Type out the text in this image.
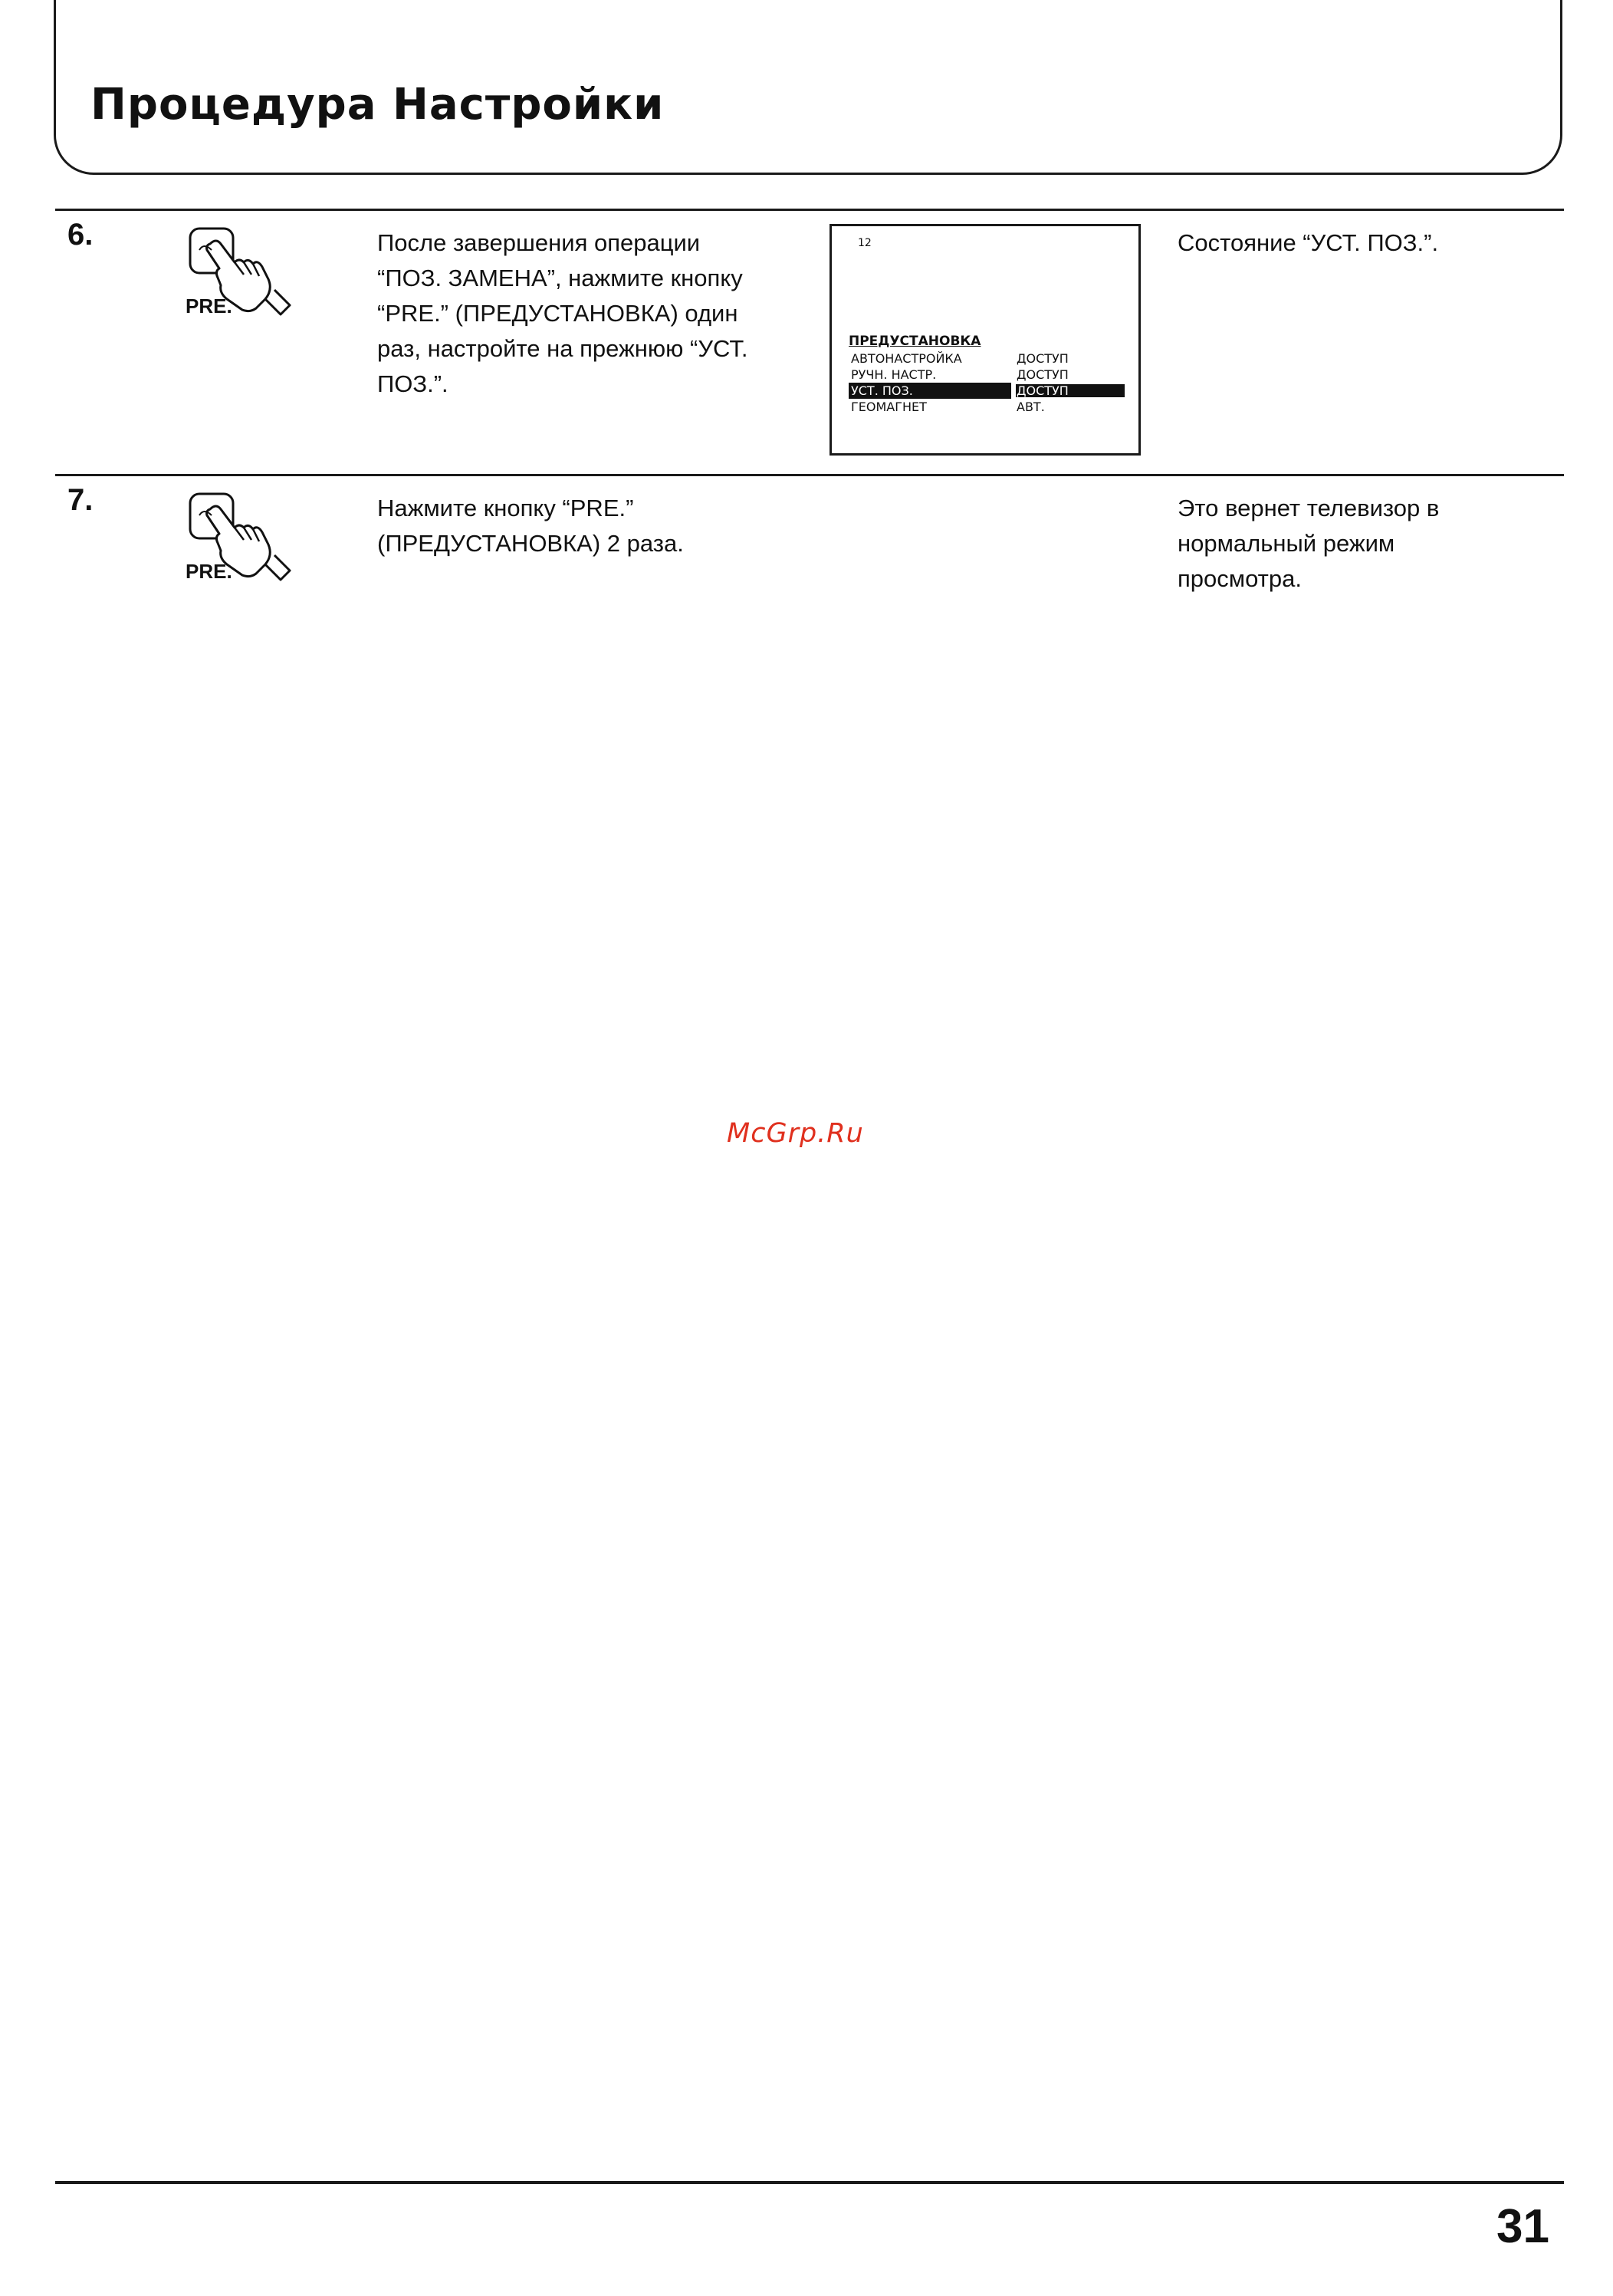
Процедура Настройки
6.
PRE.
После завершения операции
“ПОЗ. ЗАМЕНА”, нажмите кнопку
“PRE.” (ПРЕДУСТАНОВКА) один
раз, настройте на прежнюю “УСТ.
ПОЗ.”.
12
ПРЕДУСТАНОВКА
АВТОНАСТРОЙКА	ДОСТУП
РУЧН. НАСТР.	ДОСТУП
УСТ. ПОЗ.	ДОСТУП
ГЕОМАГНЕТ	АВТ.
Состояние “УСТ. ПОЗ.”.
7.
PRE.
Нажмите кнопку “PRE.”
(ПРЕДУСТАНОВКА) 2 раза.
Это вернет телевизор в
нормальный режим
просмотра.
McGrp.Ru
31
